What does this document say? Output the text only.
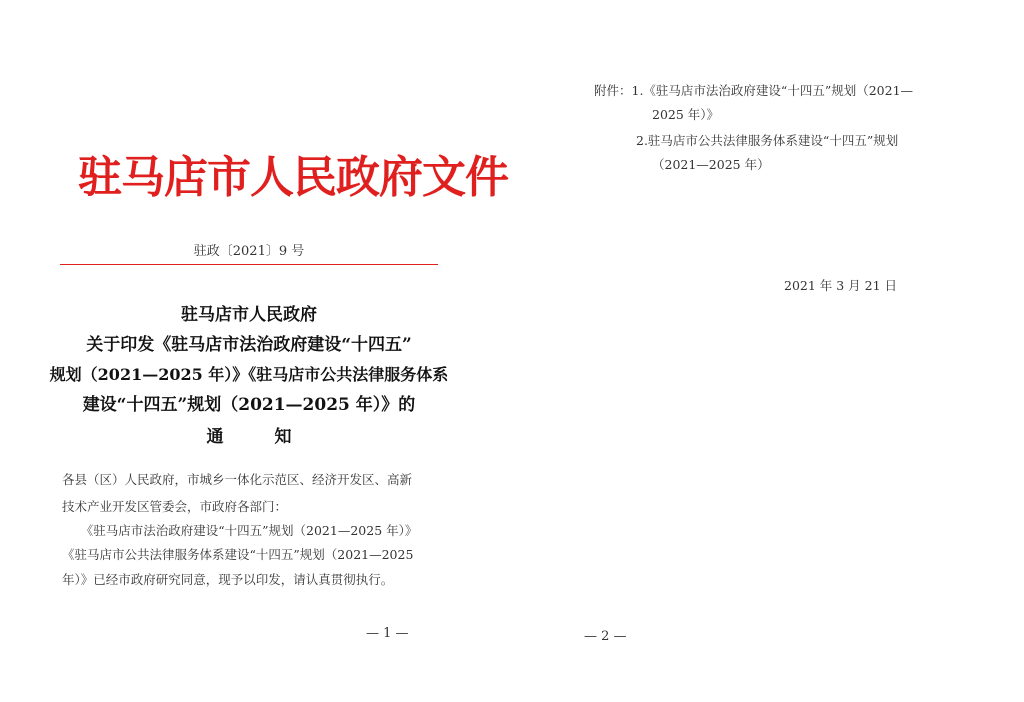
驻马店市人民政府文件
驻政〔2021〕9 号
驻马店市人民政府
关于印发《驻马店市法治政府建设“十四五”
规划（2021—2025 年）》《驻马店市公共法律服务体系
建设“十四五”规划（2021—2025 年）》的
通　　　知
各县（区）人民政府，市城乡一体化示范区、经济开发区、高新
技术产业开发区管委会，市政府各部门：
　　《驻马店市法治政府建设“十四五”规划（2021—2025 年）》
《驻马店市公共法律服务体系建设“十四五”规划（2021—2025
年）》已经市政府研究同意，现予以印发，请认真贯彻执行。
— 1 —
附件：1.《驻马店市法治政府建设“十四五”规划（2021—
2025 年）》
2.驻马店市公共法律服务体系建设“十四五”规划
（2021—2025 年）
2021 年 3 月 21 日
— 2 —
